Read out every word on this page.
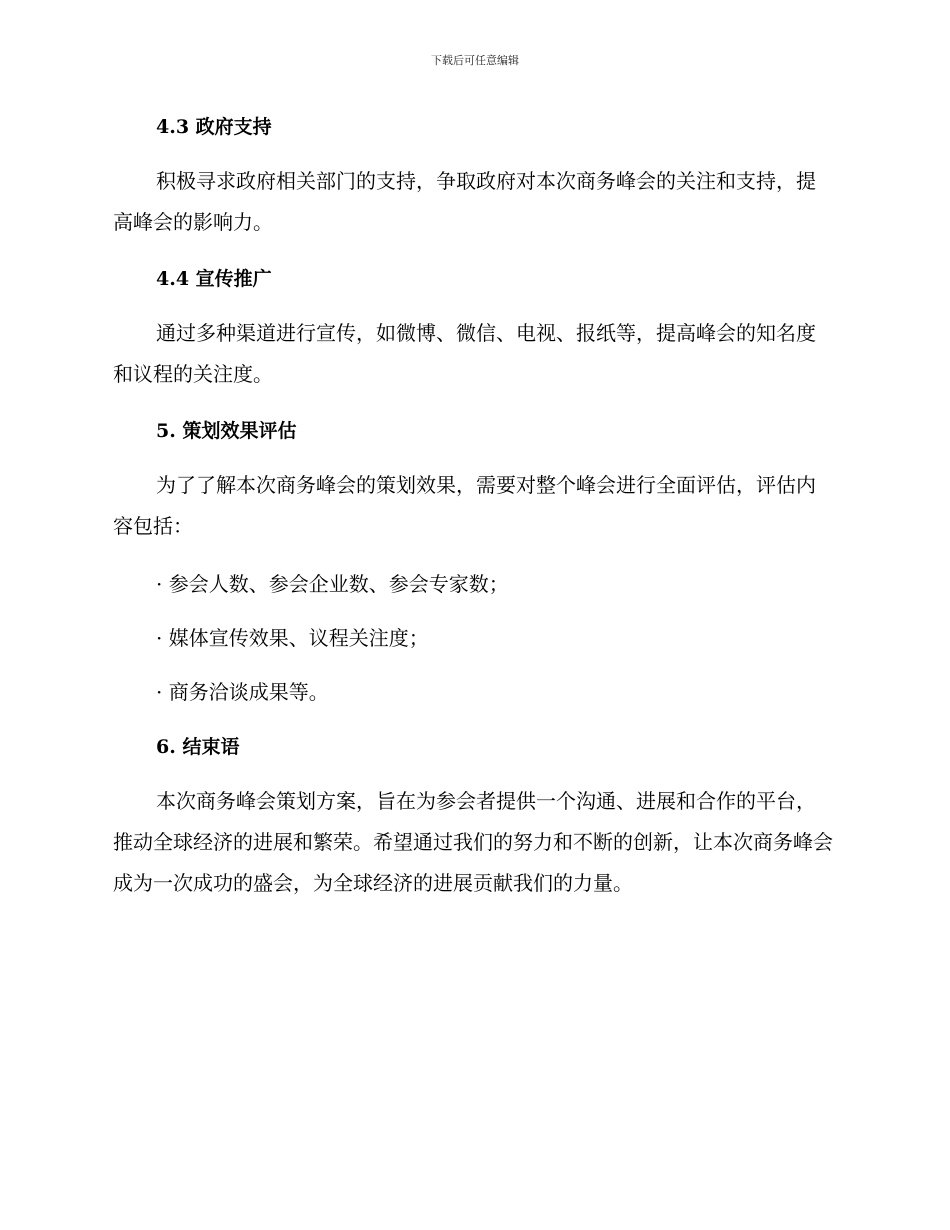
下载后可任意编辑
4.3 政府支持

积极寻求政府相关部门的支持，争取政府对本次商务峰会的关注和支持，提高峰会的影响力。

4.4 宣传推广

通过多种渠道进行宣传，如微博、微信、电视、报纸等，提高峰会的知名度和议程的关注度。

5. 策划效果评估

为了了解本次商务峰会的策划效果，需要对整个峰会进行全面评估，评估内容包括：

· 参会人数、参会企业数、参会专家数；
· 媒体宣传效果、议程关注度；
· 商务洽谈成果等。
6. 结束语

本次商务峰会策划方案，旨在为参会者提供一个沟通、进展和合作的平台，推动全球经济的进展和繁荣。希望通过我们的努力和不断的创新，让本次商务峰会成为一次成功的盛会，为全球经济的进展贡献我们的力量。
